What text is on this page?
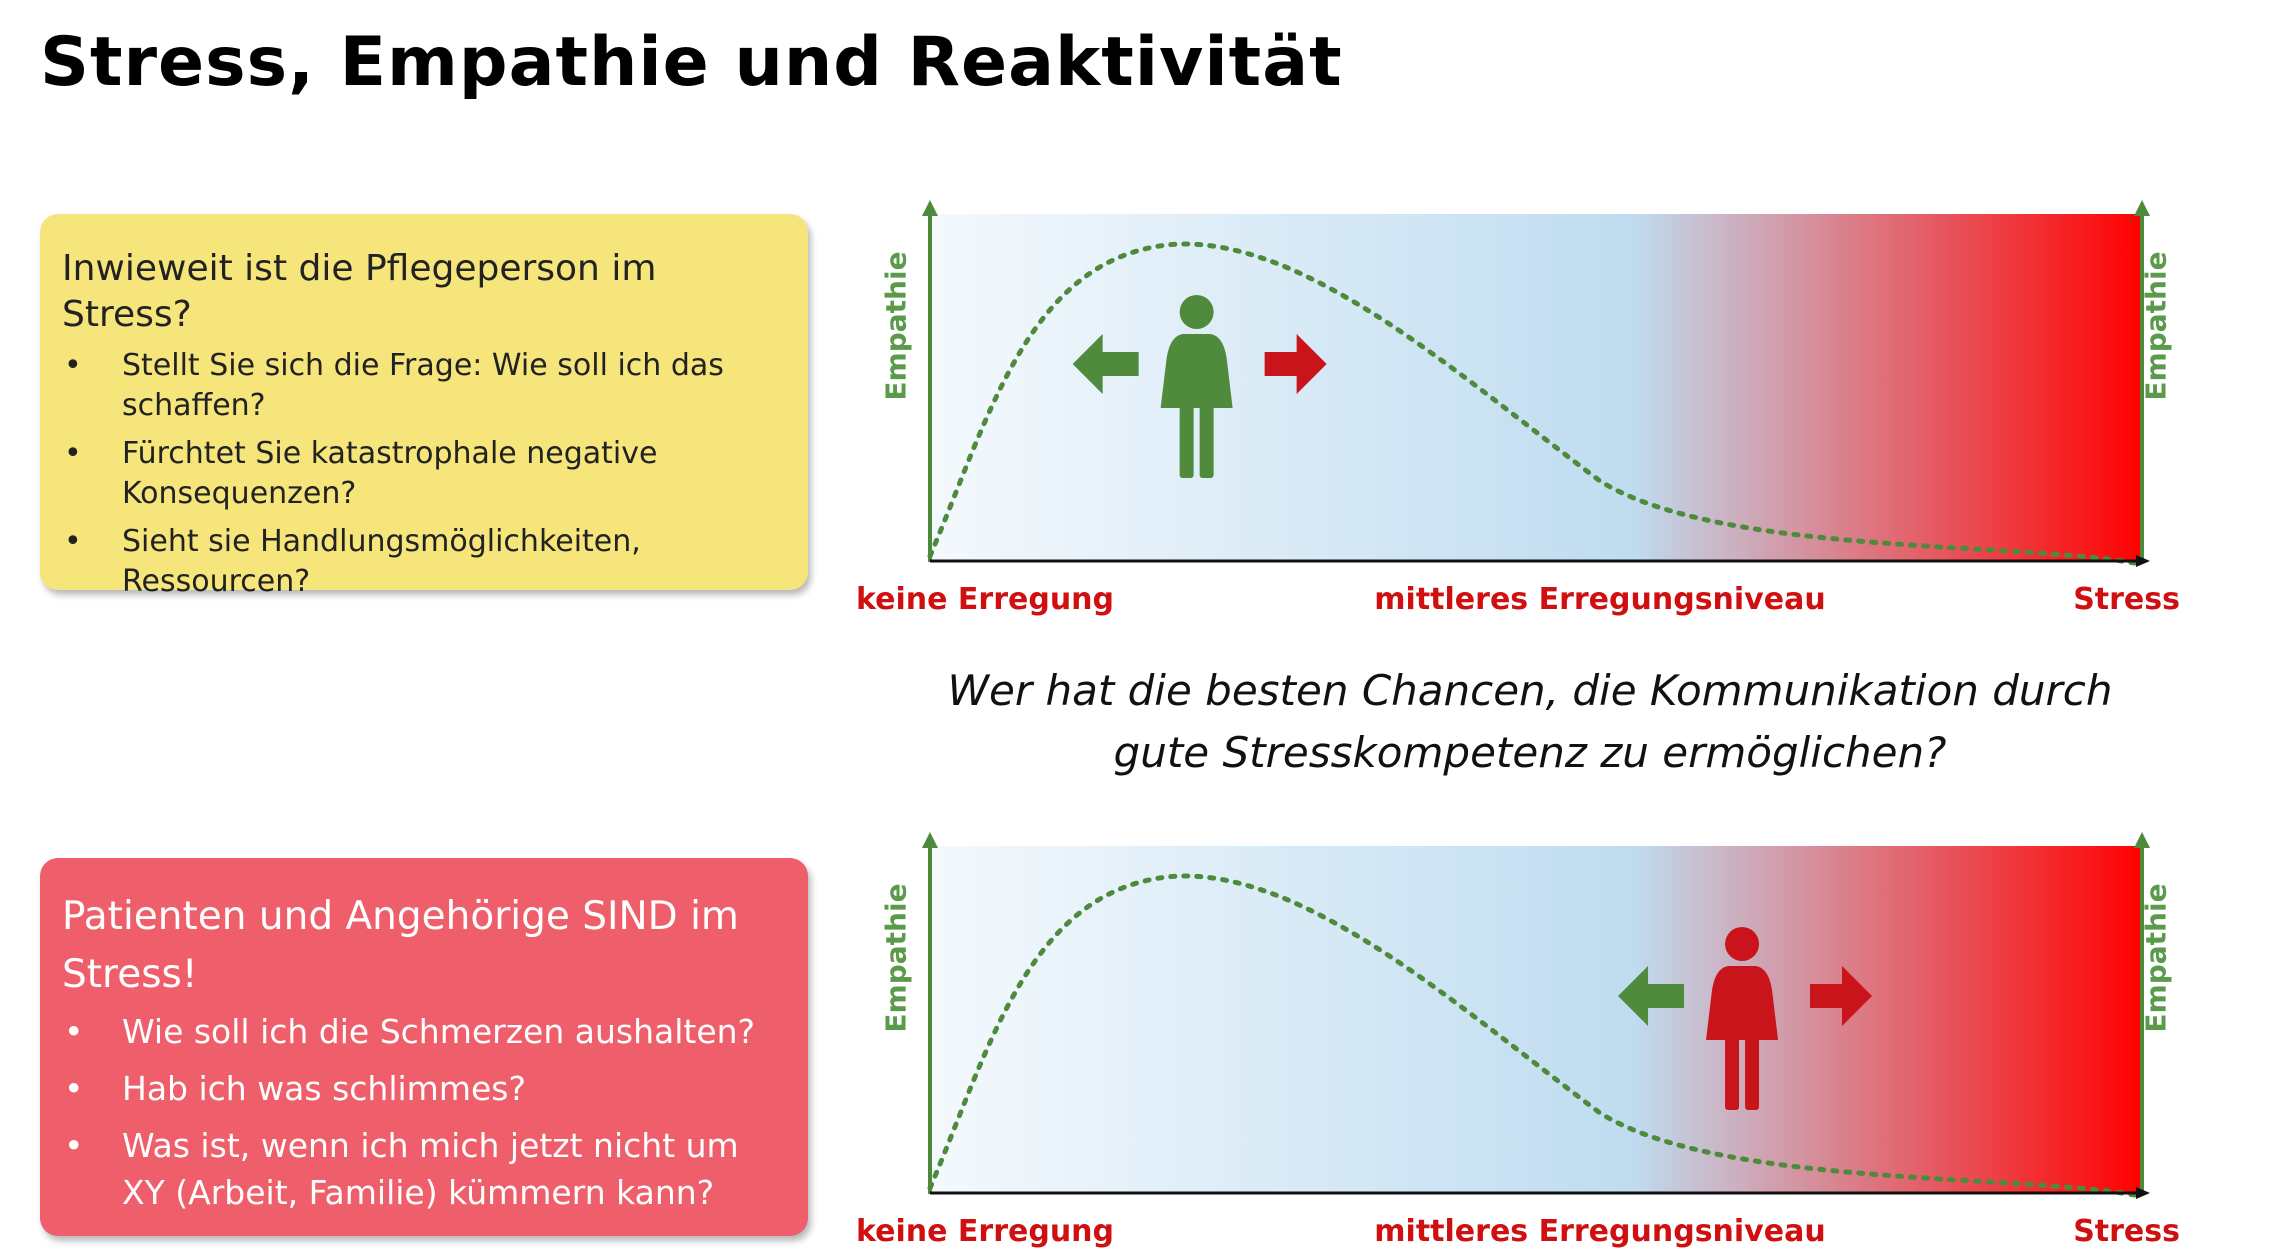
Stress, Empathie und Reaktivität
Inwieweit ist die Pflegeperson im Stress?
• Stellt Sie sich die Frage: Wie soll ich das schaffen?
• Fürchtet Sie katastrophale negative Konsequenzen?
• Sieht sie Handlungsmöglichkeiten, Ressourcen?
Patienten und Angehörige SIND im Stress!
• Wie soll ich die Schmerzen aushalten?
• Hab ich was schlimmes?
• Was ist, wenn ich mich jetzt nicht um XY (Arbeit, Familie) kümmern kann?

Wer hat die besten Chancen, die Kommunikation durch
gute Stresskompetenz zu ermöglichen?

Empathie	Empathie
keine Erregung	mittleres Erregungsniveau	Stress
Empathie	Empathie
keine Erregung	mittleres Erregungsniveau	Stress
